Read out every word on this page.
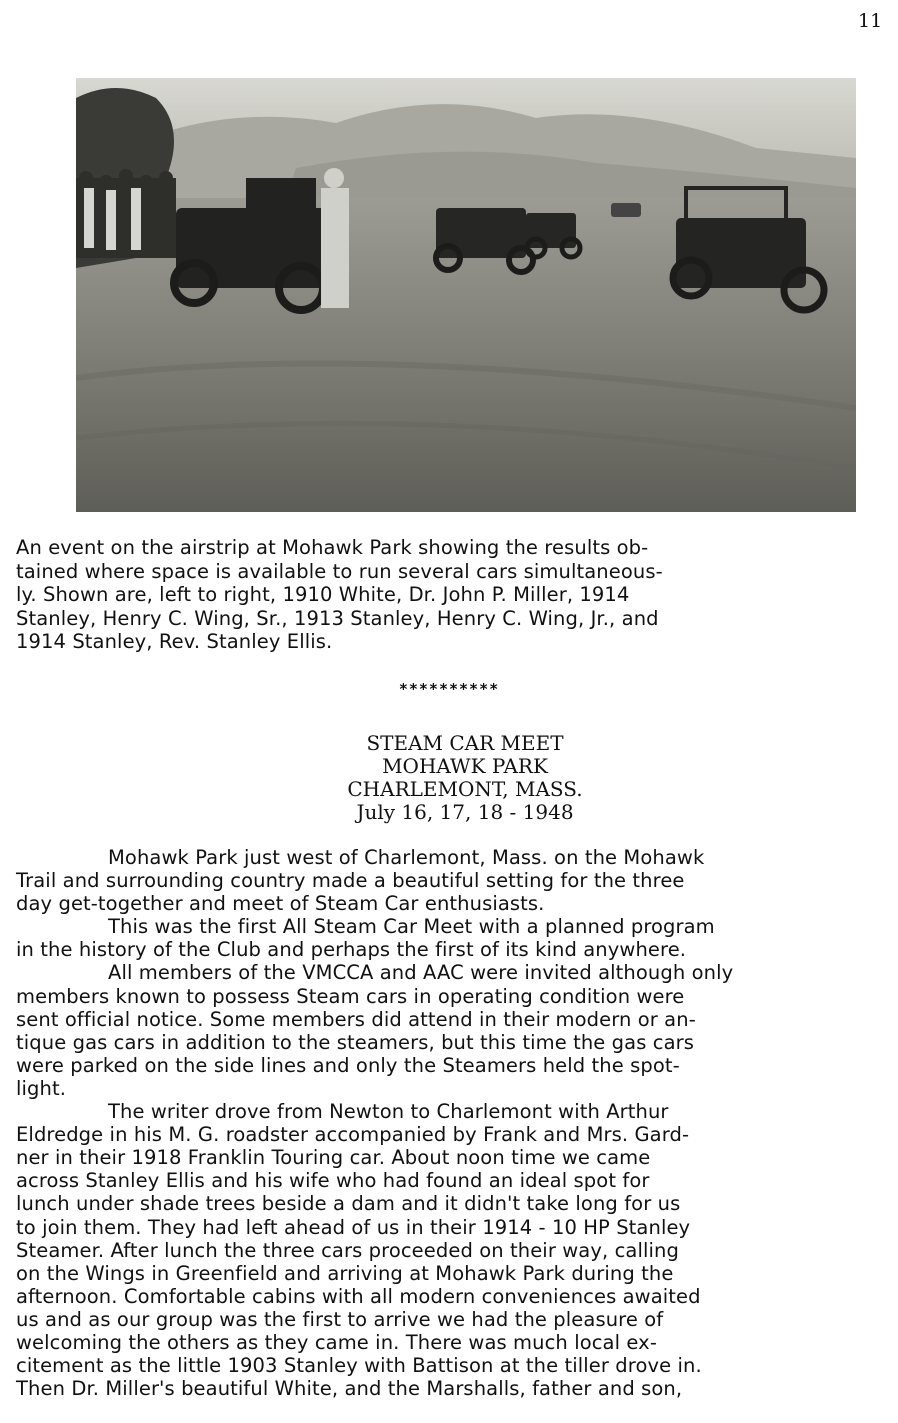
11
An event on the airstrip at Mohawk Park showing the results ob-
tained where space is available to run several cars simultaneous-
ly. Shown are, left to right, 1910 White, Dr. John P. Miller, 1914
Stanley, Henry C. Wing, Sr., 1913 Stanley, Henry C. Wing, Jr., and
1914 Stanley, Rev. Stanley Ellis.
**********
STEAM CAR MEET
MOHAWK PARK
CHARLEMONT, MASS.
July 16, 17, 18 - 1948
Mohawk Park just west of Charlemont, Mass. on the Mohawk
Trail and surrounding country made a beautiful setting for the three
day get-together and meet of Steam Car enthusiasts.
This was the first All Steam Car Meet with a planned program
in the history of the Club and perhaps the first of its kind anywhere.
All members of the VMCCA and AAC were invited although only
members known to possess Steam cars in operating condition were
sent official notice. Some members did attend in their modern or an-
tique gas cars in addition to the steamers, but this time the gas cars
were parked on the side lines and only the Steamers held the spot-
light.
The writer drove from Newton to Charlemont with Arthur
Eldredge in his M. G. roadster accompanied by Frank and Mrs. Gard-
ner in their 1918 Franklin Touring car. About noon time we came
across Stanley Ellis and his wife who had found an ideal spot for
lunch under shade trees beside a dam and it didn't take long for us
to join them. They had left ahead of us in their 1914 - 10 HP Stanley
Steamer. After lunch the three cars proceeded on their way, calling
on the Wings in Greenfield and arriving at Mohawk Park during the
afternoon. Comfortable cabins with all modern conveniences awaited
us and as our group was the first to arrive we had the pleasure of
welcoming the others as they came in. There was much local ex-
citement as the little 1903 Stanley with Battison at the tiller drove in.
Then Dr. Miller's beautiful White, and the Marshalls, father and son,
